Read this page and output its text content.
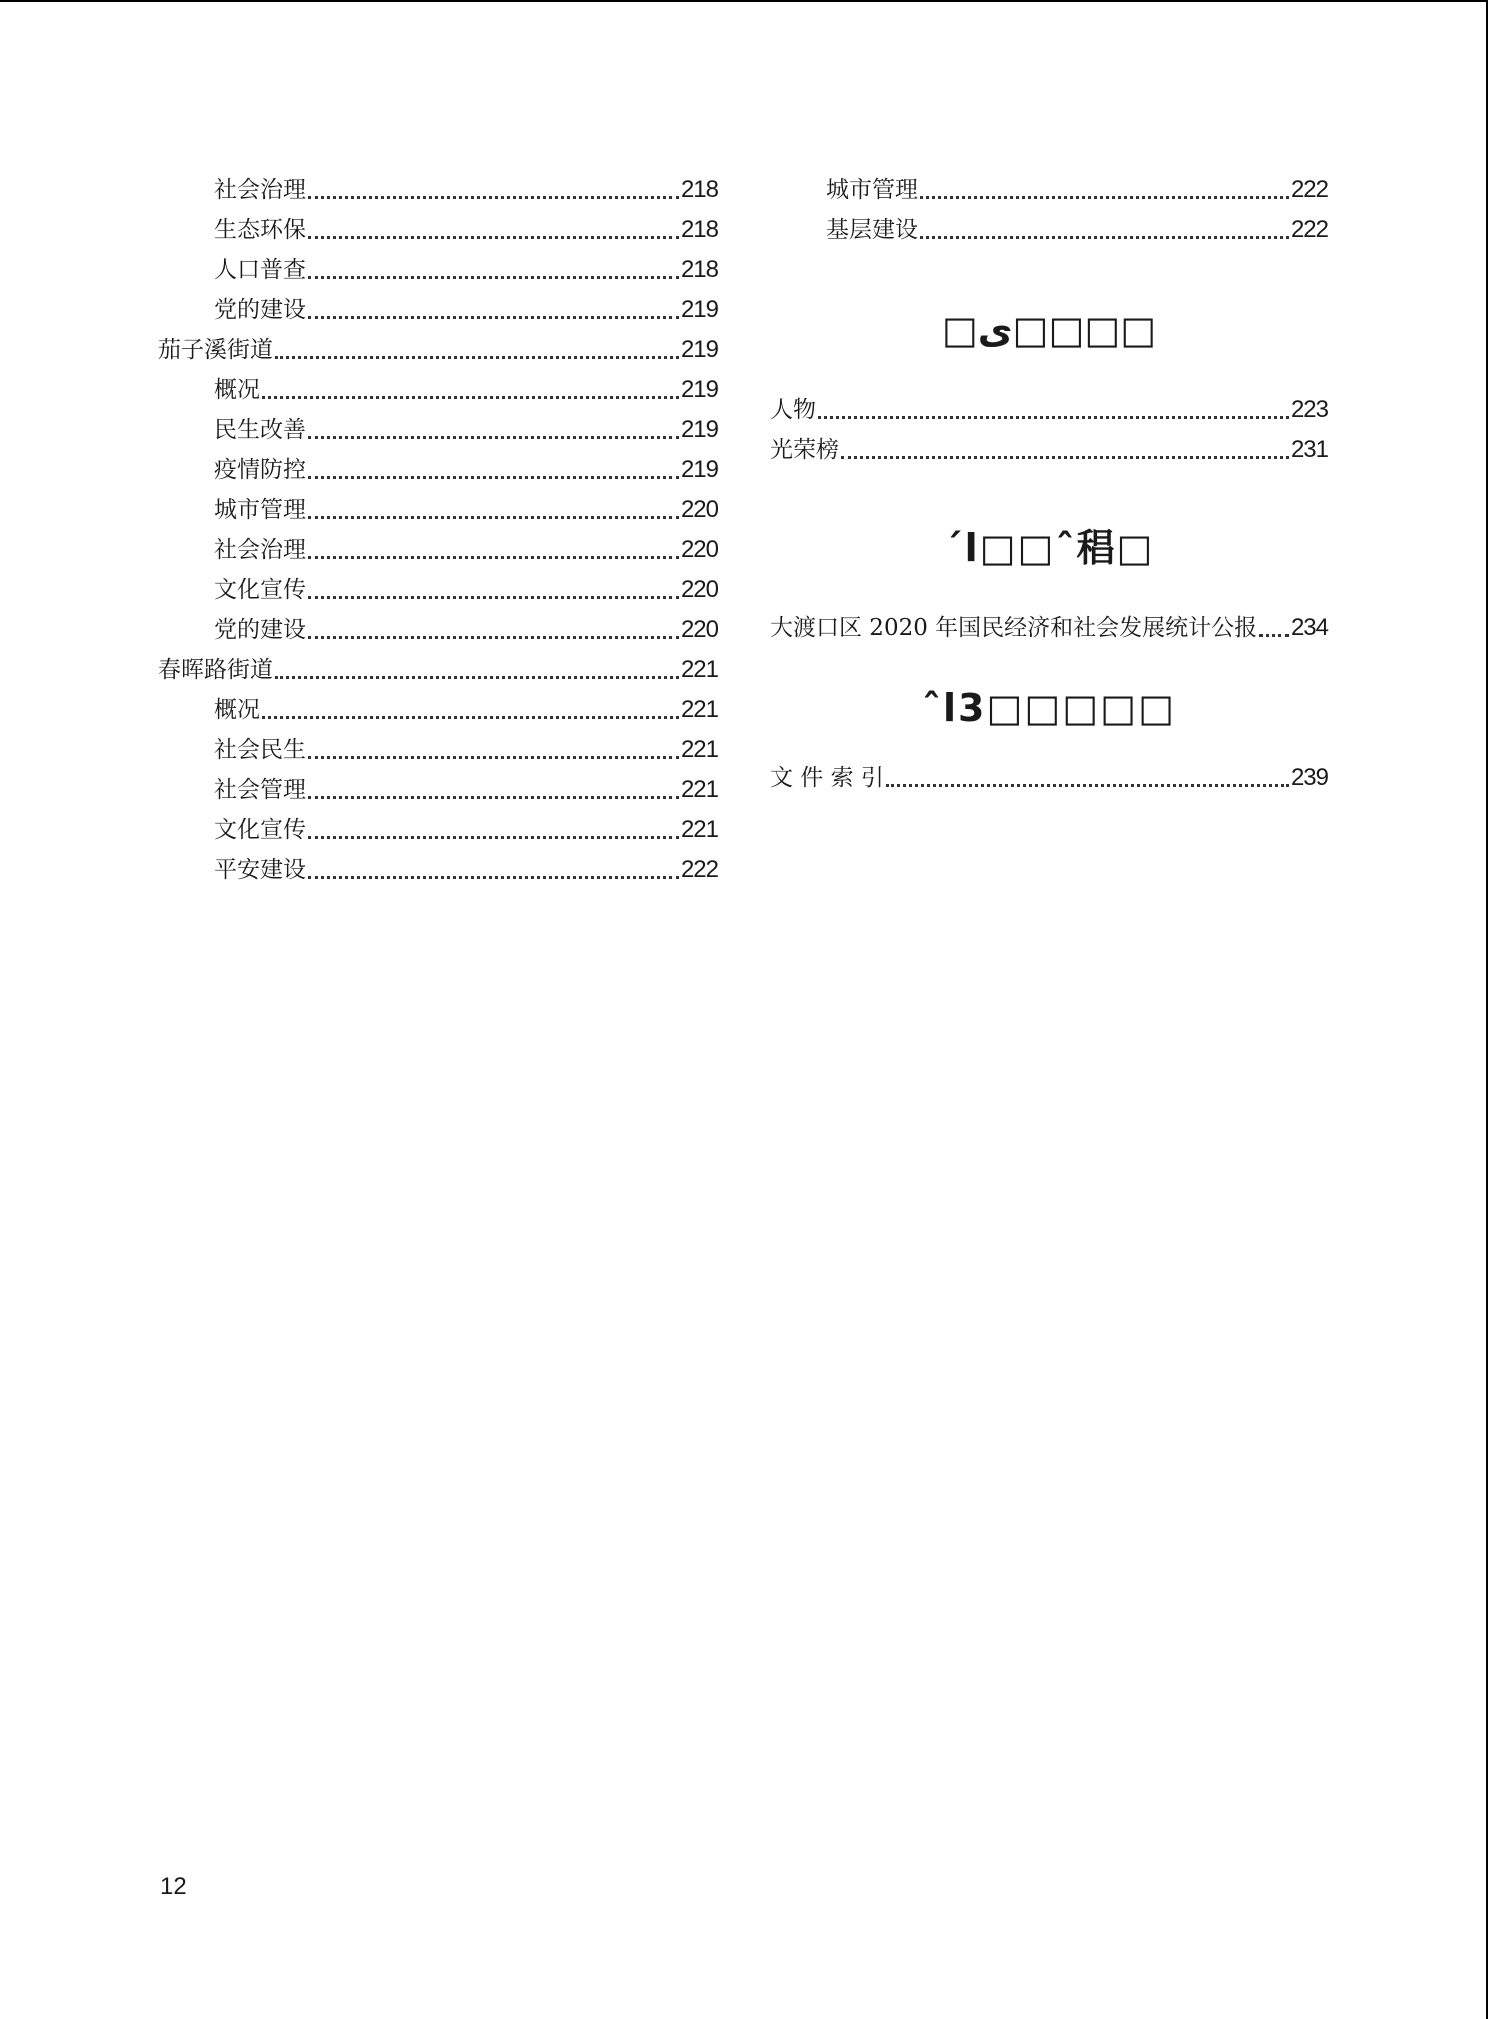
社会治理	218
生态环保	218
人口普查	218
党的建设	219
茄子溪街道	219
概况	219
民生改善	219
疫情防控	219
城市管理	220
社会治理	220
文化宣传	220
党的建设	220
春晖路街道	221
概况	221
社会民生	221
社会管理	221
文化宣传	221
平安建设	222
城市管理	222
基层建设	222
□ی□□□□
人物	223
光荣榜	231
´l□□ˆ䅛□
大渡口区 2020 年国民经济和社会发展统计公报 234
ˆl3□□□□□
文 件 索 引	239
12
